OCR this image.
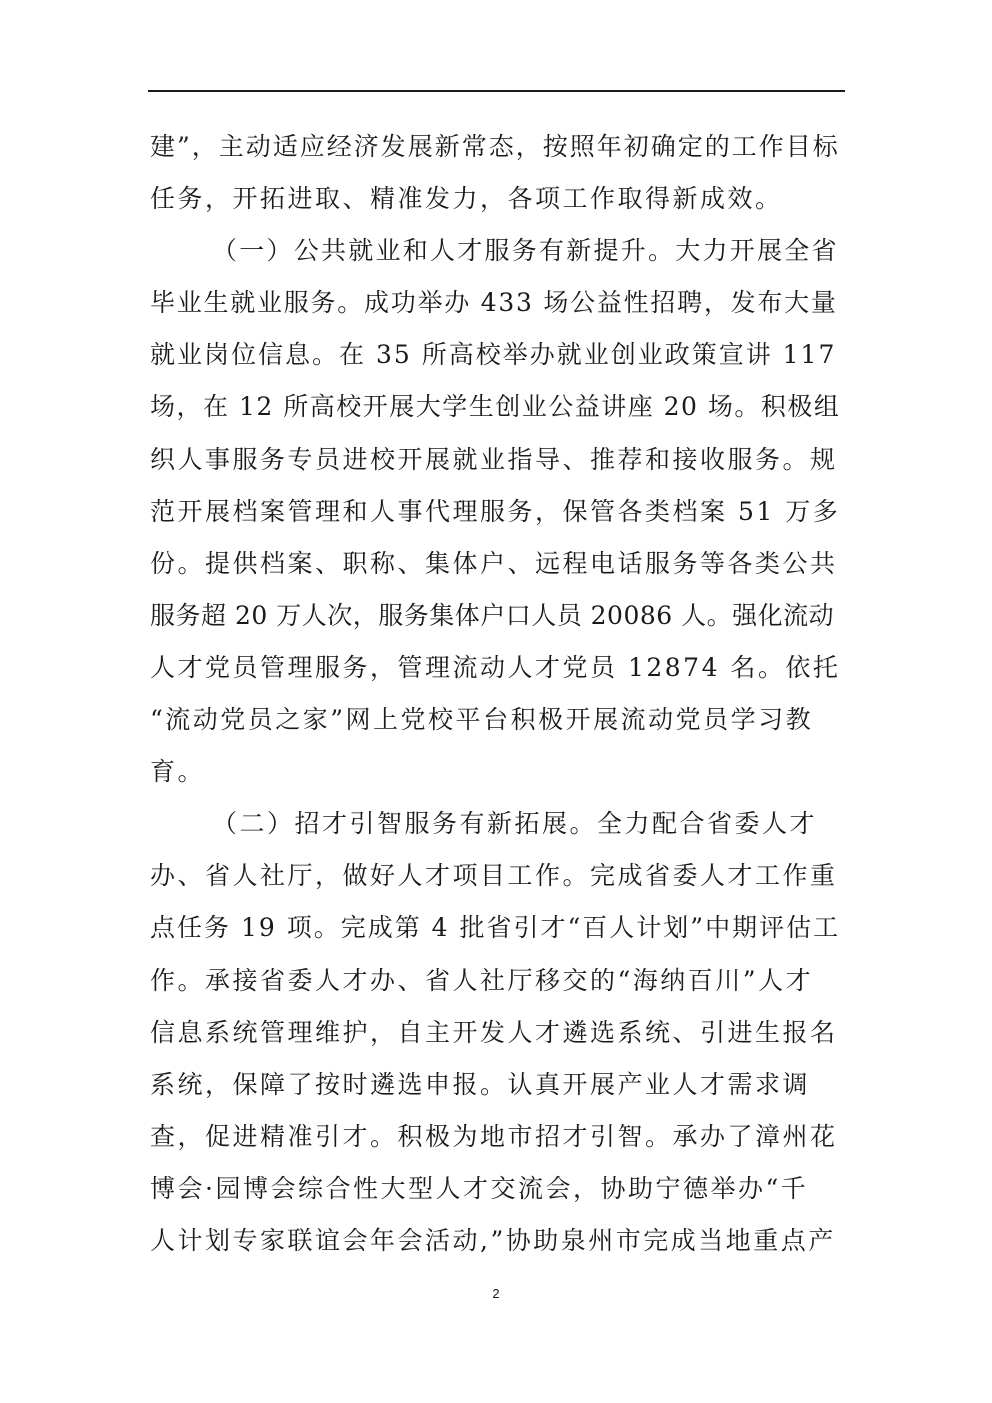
建”，主动适应经济发展新常态，按照年初确定的工作目标
任务，开拓进取、精准发力，各项工作取得新成效。
（一）公共就业和人才服务有新提升。大力开展全省
毕业生就业服务。成功举办 433 场公益性招聘，发布大量
就业岗位信息。在 35 所高校举办就业创业政策宣讲 117
场，在 12 所高校开展大学生创业公益讲座 20 场。积极组
织人事服务专员进校开展就业指导、推荐和接收服务。规
范开展档案管理和人事代理服务，保管各类档案 51 万多
份。提供档案、职称、集体户、远程电话服务等各类公共
服务超 20 万人次，服务集体户口人员 20086 人。强化流动
人才党员管理服务，管理流动人才党员 12874 名。依托
“流动党员之家”网上党校平台积极开展流动党员学习教
育。
（二）招才引智服务有新拓展。全力配合省委人才
办、省人社厅，做好人才项目工作。完成省委人才工作重
点任务 19 项。完成第 4 批省引才“百人计划”中期评估工
作。承接省委人才办、省人社厅移交的“海纳百川”人才
信息系统管理维护，自主开发人才遴选系统、引进生报名
系统，保障了按时遴选申报。认真开展产业人才需求调
查，促进精准引才。积极为地市招才引智。承办了漳州花
博会·园博会综合性大型人才交流会，协助宁德举办“千
人计划专家联谊会年会活动,”协助泉州市完成当地重点产
2
